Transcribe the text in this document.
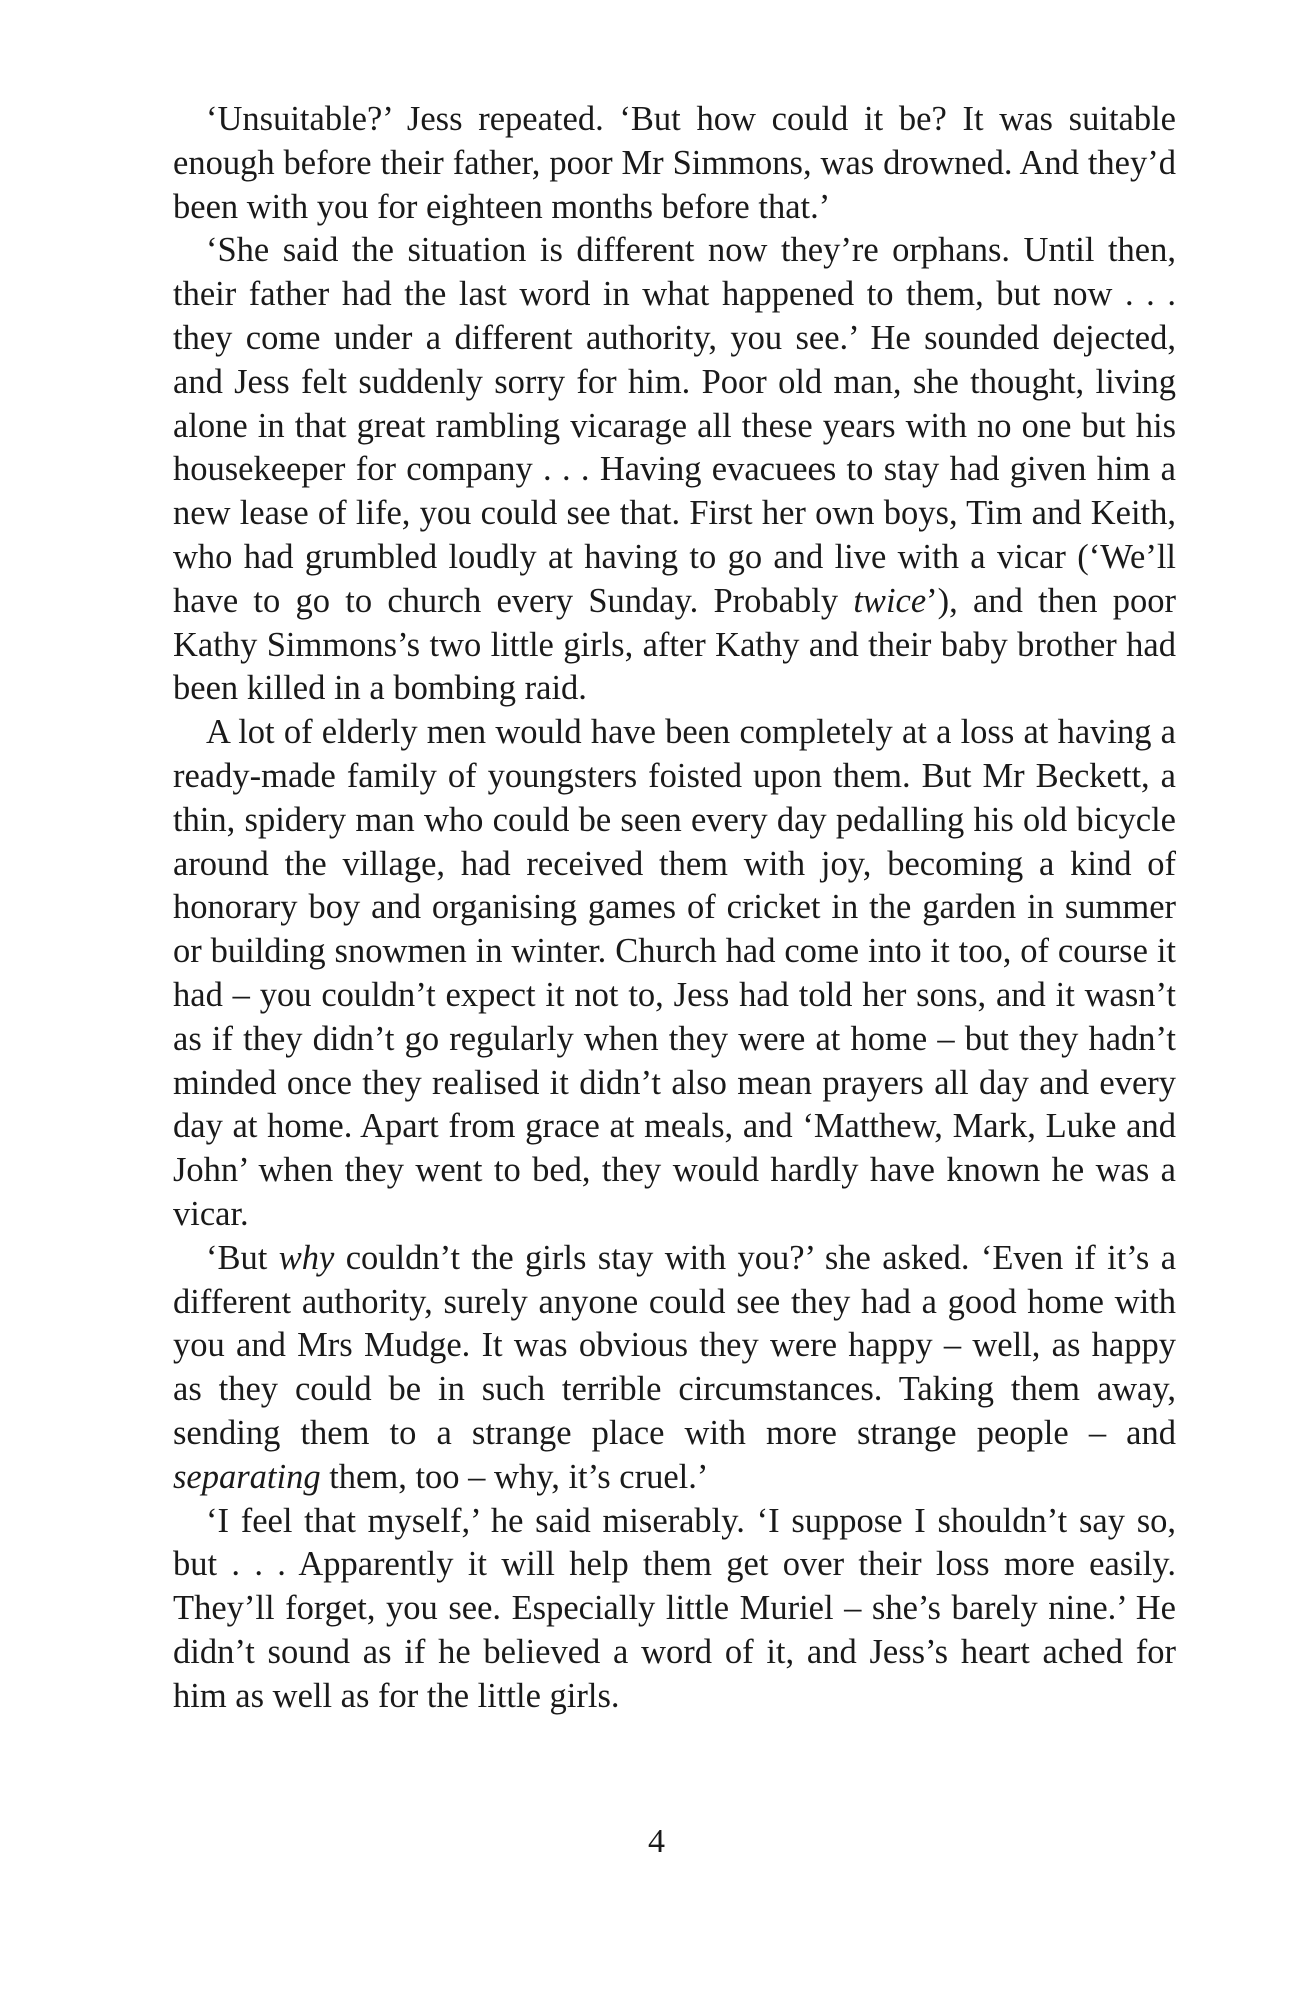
‘Unsuitable?’ Jess repeated. ‘But how could it be? It was suitable enough before their father, poor Mr Simmons, was drowned. And they’d been with you for eighteen months before that.’

‘She said the situation is different now they’re orphans. Until then, their father had the last word in what happened to them, but now . . . they come under a different authority, you see.’ He sounded dejected, and Jess felt suddenly sorry for him. Poor old man, she thought, living alone in that great rambling vicarage all these years with no one but his housekeeper for company . . . Having evacuees to stay had given him a new lease of life, you could see that. First her own boys, Tim and Keith, who had grumbled loudly at having to go and live with a vicar (‘We’ll have to go to church every Sunday. Probably twice’), and then poor Kathy Simmons’s two little girls, after Kathy and their baby brother had been killed in a bombing raid.

A lot of elderly men would have been completely at a loss at having a ready-made family of youngsters foisted upon them. But Mr Beckett, a thin, spidery man who could be seen every day pedalling his old bicycle around the village, had received them with joy, becoming a kind of honorary boy and organising games of cricket in the garden in summer or building snowmen in winter. Church had come into it too, of course it had – you couldn’t expect it not to, Jess had told her sons, and it wasn’t as if they didn’t go regularly when they were at home – but they hadn’t minded once they realised it didn’t also mean prayers all day and every day at home. Apart from grace at meals, and ‘Matthew, Mark, Luke and John’ when they went to bed, they would hardly have known he was a vicar.

‘But why couldn’t the girls stay with you?’ she asked. ‘Even if it’s a different authority, surely anyone could see they had a good home with you and Mrs Mudge. It was obvious they were happy – well, as happy as they could be in such terrible circumstances. Taking them away, sending them to a strange place with more strange people – and separating them, too – why, it’s cruel.’

‘I feel that myself,’ he said miserably. ‘I suppose I shouldn’t say so, but . . . Apparently it will help them get over their loss more easily. They’ll forget, you see. Especially little Muriel – she’s barely nine.’ He didn’t sound as if he believed a word of it, and Jess’s heart ached for him as well as for the little girls.

4
